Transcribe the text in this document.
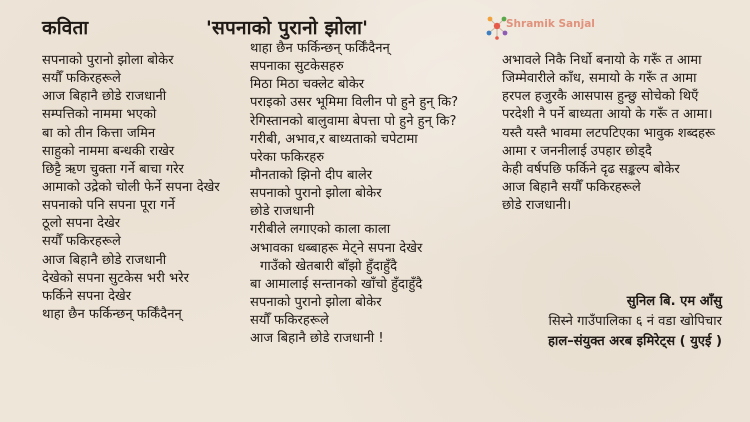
कविता	'सपनाको पुरानो झोला'	Shramik Sanjal
सपनाको पुरानो झोला बोकेर
सयौँ फकिरहरूले
आज बिहानै छोडे राजधानी
सम्पत्तिको नाममा भएको
बा को तीन कित्ता जमिन
साहुको नाममा बन्धकी राखेर
छिट्टै ऋण चुक्ता गर्ने बाचा गरेर
आमाको उद्रेको चोली फेर्ने सपना देखेर
सपनाको पनि सपना पूरा गर्ने
ठूलो सपना देखेर
सयौँ फकिरहरूले
आज बिहानै छोडे राजधानी
देखेको सपना सुटकेस भरी भरेर
फर्किने सपना देखेर
थाहा छैन फर्किन्छन् फर्किँदैनन्
थाहा छैन फर्किन्छन् फर्किँदैनन्
सपनाका सुटकेसहरु
मिठा मिठा चक्लेट बोकेर
पराइको उसर भूमिमा विलीन पो हुने हुन् कि?
रेगिस्तानको बालुवामा बेपत्ता पो हुने हुन् कि?
गरीबी, अभाव,र बाध्यताको चपेटामा
परेका फकिरहरु
मौनताको झिनो दीप बालेर
सपनाको पुरानो झोला बोकेर
छोडे राजधानी
गरीबीले लगाएको काला काला
अभावका धब्बाहरू मेट्ने सपना देखेर
गाउँको खेतबारी बाँझो हुँदाहुँदै
बा आमालाई सन्तानको खाँचो हुँदाहुँदै
सपनाको पुरानो झोला बोकेर
सयौँ फकिरहरूले
आज बिहानै छोडे राजधानी !
अभावले निकै निर्धो बनायो के गरूँ त आमा
जिम्मेवारीले काँध, समायो के गरूँ त आमा
हरपल हजुरकै आसपास हुन्छु सोचेको थिएँ
परदेशी नै पर्ने बाध्यता आयो के गरूँ त आमा।
यस्तै यस्तै भावमा लटपटिएका भावुक शब्दहरू
आमा र जननीलाई उपहार छोड्दै
केही वर्षपछि फर्किने दृढ सङ्कल्प बोकेर
आज बिहानै सयौँ फकिरहरूले
छोडे राजधानी।
सुनिल बि. एम आँसु
सिस्ने गाउँपालिका ६ नं वडा खोपिचार
हाल–संयुक्त अरब इमिरेट्स ( युएई )
